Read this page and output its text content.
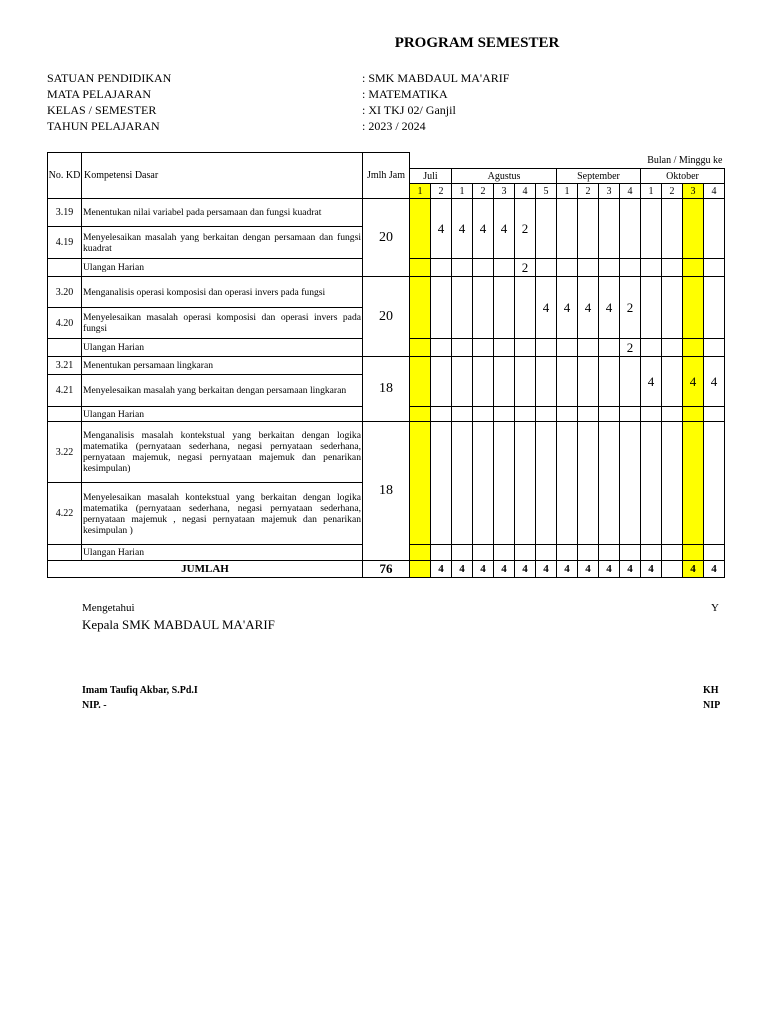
PROGRAM SEMESTER
SATUAN PENDIDIKAN	: SMK MABDAUL MA'ARIF
MATA PELAJARAN	: MATEMATIKA
KELAS / SEMESTER	: XI TKJ 02/ Ganjil
TAHUN PELAJARAN	: 2023 / 2024
No. KD	Kompetensi Dasar	Jmlh Jam	Bulan / Minggu ke														
			Juli		Agustus					September				Oktober			
			1	2	1	2	3	4	5	1	2	3	4	1	2	3	4
3.19	Menentukan nilai variabel pada persamaan dan fungsi kuadrat	20		4	4	4	4	2									
4.19	Menyelesaikan masalah yang berkaitan dengan persamaan dan fungsi kuadrat																
	Ulangan Harian							2									
3.20	Menganalisis operasi komposisi dan operasi invers pada fungsi	20							4	4	4	4	2				
4.20	Menyelesaikan masalah operasi komposisi dan operasi invers pada fungsi																
	Ulangan Harian												2				
3.21	Menentukan persamaan lingkaran	18												4		4	4
4.21	Menyelesaikan masalah yang berkaitan dengan persamaan lingkaran																
	Ulangan Harian																
3.22	Menganalisis masalah kontekstual yang berkaitan dengan logika matematika (pernyataan sederhana, negasi pernyataan sederhana, pernyataan majemuk, negasi pernyataan majemuk dan penarikan kesimpulan)	18															
4.22	Menyelesaikan masalah kontekstual yang berkaitan dengan logika matematika (pernyataan sederhana, negasi pernyataan sederhana, pernyataan majemuk , negasi pernyataan majemuk dan penarikan kesimpulan )																
	Ulangan Harian																
JUMLAH		76		4	4	4	4	4	4	4	4	4	4	4		4	4
Mengetahui
Kepala SMK MABDAUL MA'ARIF
Imam Taufiq Akbar, S.Pd.I
NIP. -
Y
KH
NIP
